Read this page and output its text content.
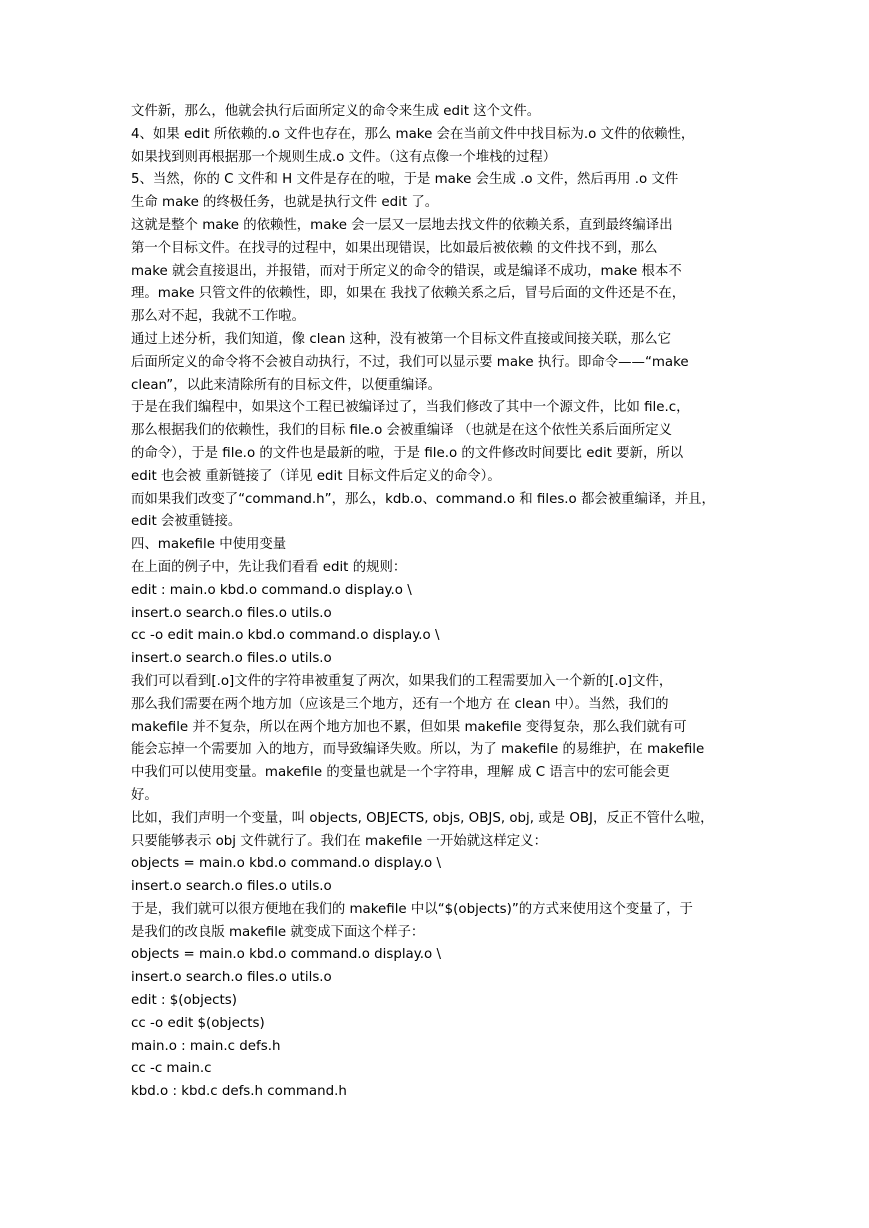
文件新，那么，他就会执行后面所定义的命令来生成 edit 这个文件。
4、如果 edit 所依赖的.o 文件也存在，那么 make 会在当前文件中找目标为.o 文件的依赖性，
如果找到则再根据那一个规则生成.o 文件。（这有点像一个堆栈的过程）
5、当然，你的 C 文件和 H 文件是存在的啦，于是 make 会生成 .o 文件，然后再用 .o 文件
生命 make 的终极任务，也就是执行文件 edit 了。
这就是整个 make 的依赖性，make 会一层又一层地去找文件的依赖关系，直到最终编译出
第一个目标文件。在找寻的过程中，如果出现错误，比如最后被依赖 的文件找不到，那么
make 就会直接退出，并报错，而对于所定义的命令的错误，或是编译不成功，make 根本不
理。make 只管文件的依赖性，即，如果在 我找了依赖关系之后，冒号后面的文件还是不在，
那么对不起，我就不工作啦。
通过上述分析，我们知道，像 clean 这种，没有被第一个目标文件直接或间接关联，那么它
后面所定义的命令将不会被自动执行，不过，我们可以显示要 make 执行。即命令——“make
clean”，以此来清除所有的目标文件，以便重编译。
于是在我们编程中，如果这个工程已被编译过了，当我们修改了其中一个源文件，比如 file.c，
那么根据我们的依赖性，我们的目标 file.o 会被重编译 （也就是在这个依性关系后面所定义
的命令），于是 file.o 的文件也是最新的啦，于是 file.o 的文件修改时间要比 edit 要新，所以
edit 也会被 重新链接了（详见 edit 目标文件后定义的命令）。
而如果我们改变了“command.h”，那么，kdb.o、command.o 和 files.o 都会被重编译，并且，
edit 会被重链接。
四、makefile 中使用变量
在上面的例子中，先让我们看看 edit 的规则：
edit : main.o kbd.o command.o display.o \
insert.o search.o files.o utils.o
cc -o edit main.o kbd.o command.o display.o \
insert.o search.o files.o utils.o
我们可以看到[.o]文件的字符串被重复了两次，如果我们的工程需要加入一个新的[.o]文件，
那么我们需要在两个地方加（应该是三个地方，还有一个地方 在 clean 中）。当然，我们的
makefile 并不复杂，所以在两个地方加也不累，但如果 makefile 变得复杂，那么我们就有可
能会忘掉一个需要加 入的地方，而导致编译失败。所以，为了 makefile 的易维护，在 makefile
中我们可以使用变量。makefile 的变量也就是一个字符串，理解 成 C 语言中的宏可能会更
好。
比如，我们声明一个变量，叫 objects, OBJECTS, objs, OBJS, obj, 或是 OBJ，反正不管什么啦，
只要能够表示 obj 文件就行了。我们在 makefile 一开始就这样定义：
objects = main.o kbd.o command.o display.o \
insert.o search.o files.o utils.o
于是，我们就可以很方便地在我们的 makefile 中以“$(objects)”的方式来使用这个变量了，于
是我们的改良版 makefile 就变成下面这个样子：
objects = main.o kbd.o command.o display.o \
insert.o search.o files.o utils.o
edit : $(objects)
cc -o edit $(objects)
main.o : main.c defs.h
cc -c main.c
kbd.o : kbd.c defs.h command.h
